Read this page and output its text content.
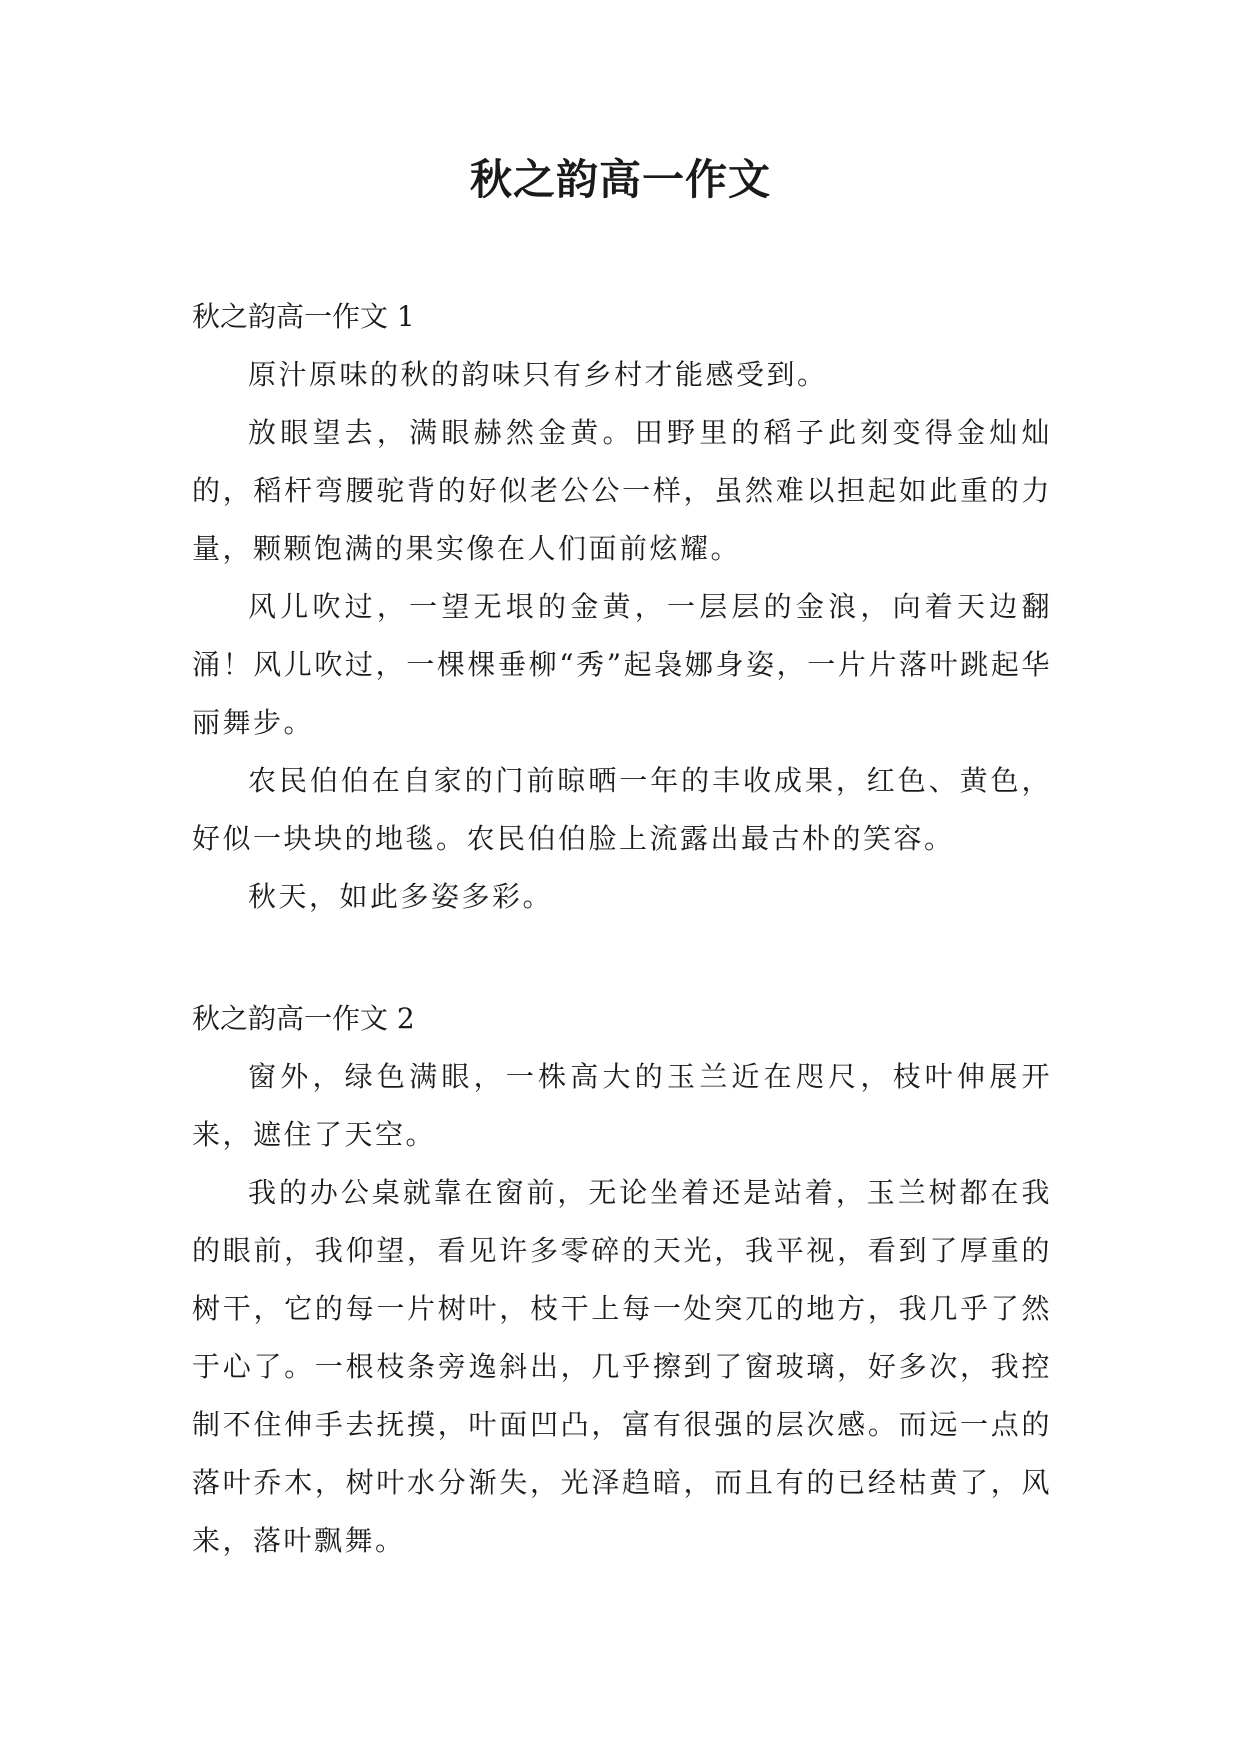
秋之韵高一作文

秋之韵高一作文 1

原汁原味的秋的韵味只有乡村才能感受到。

放眼望去，满眼赫然金黄。田野里的稻子此刻变得金灿灿的，稻杆弯腰驼背的好似老公公一样，虽然难以担起如此重的力量，颗颗饱满的果实像在人们面前炫耀。

风儿吹过，一望无垠的金黄，一层层的金浪，向着天边翻涌！风儿吹过，一棵棵垂柳“秀”起袅娜身姿，一片片落叶跳起华丽舞步。

农民伯伯在自家的门前晾晒一年的丰收成果，红色、黄色，好似一块块的地毯。农民伯伯脸上流露出最古朴的笑容。

秋天，如此多姿多彩。

秋之韵高一作文 2

窗外，绿色满眼，一株高大的玉兰近在咫尺，枝叶伸展开来，遮住了天空。

我的办公桌就靠在窗前，无论坐着还是站着，玉兰树都在我的眼前，我仰望，看见许多零碎的天光，我平视，看到了厚重的树干，它的每一片树叶，枝干上每一处突兀的地方，我几乎了然于心了。一根枝条旁逸斜出，几乎擦到了窗玻璃，好多次，我控制不住伸手去抚摸，叶面凹凸，富有很强的层次感。而远一点的落叶乔木，树叶水分渐失，光泽趋暗，而且有的已经枯黄了，风来，落叶飘舞。
